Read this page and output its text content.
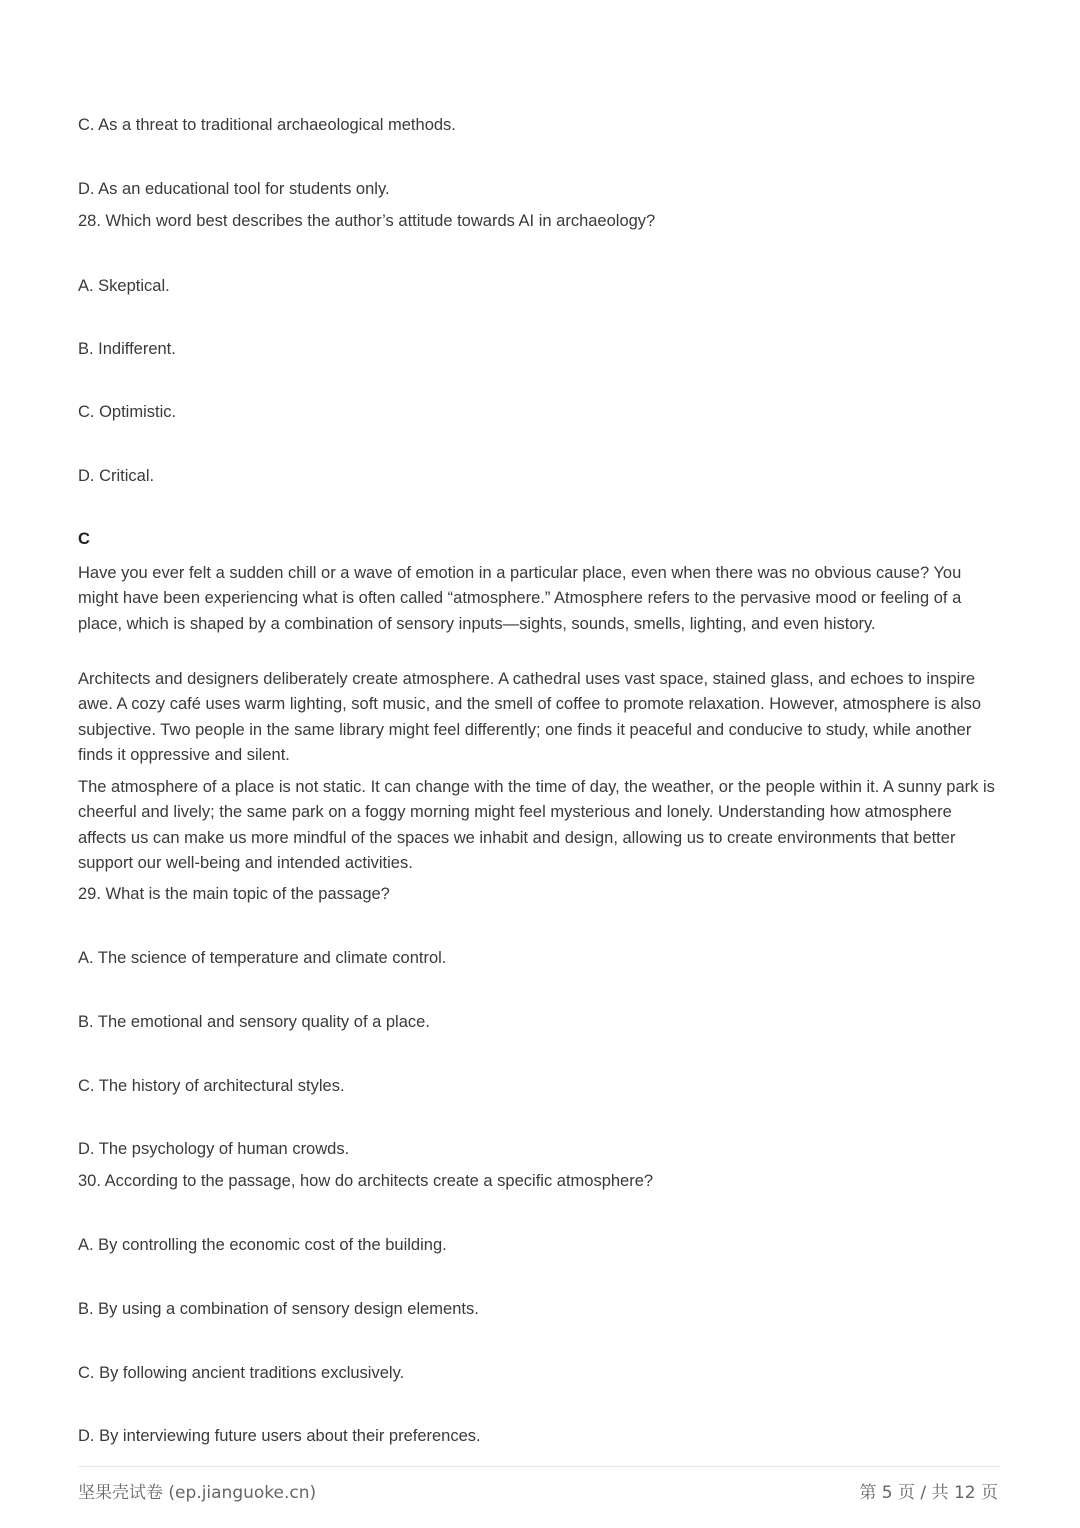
C. As a threat to traditional archaeological methods.
D. As an educational tool for students only.
28. Which word best describes the author’s attitude towards AI in archaeology?
A. Skeptical.
B. Indifferent.
C. Optimistic.
D. Critical.
C
Have you ever felt a sudden chill or a wave of emotion in a particular place, even when there was no obvious cause? You might have been experiencing what is often called “atmosphere.” Atmosphere refers to the pervasive mood or feeling of a place, which is shaped by a combination of sensory inputs—sights, sounds, smells, lighting, and even history.
Architects and designers deliberately create atmosphere. A cathedral uses vast space, stained glass, and echoes to inspire awe. A cozy café uses warm lighting, soft music, and the smell of coffee to promote relaxation. However, atmosphere is also subjective. Two people in the same library might feel differently; one finds it peaceful and conducive to study, while another finds it oppressive and silent.
The atmosphere of a place is not static. It can change with the time of day, the weather, or the people within it. A sunny park is cheerful and lively; the same park on a foggy morning might feel mysterious and lonely. Understanding how atmosphere affects us can make us more mindful of the spaces we inhabit and design, allowing us to create environments that better support our well-being and intended activities.
29. What is the main topic of the passage?
A. The science of temperature and climate control.
B. The emotional and sensory quality of a place.
C. The history of architectural styles.
D. The psychology of human crowds.
30. According to the passage, how do architects create a specific atmosphere?
A. By controlling the economic cost of the building.
B. By using a combination of sensory design elements.
C. By following ancient traditions exclusively.
D. By interviewing future users about their preferences.
坚果壳试卷 (ep.jianguoke.cn)	第 5 页 / 共 12 页
